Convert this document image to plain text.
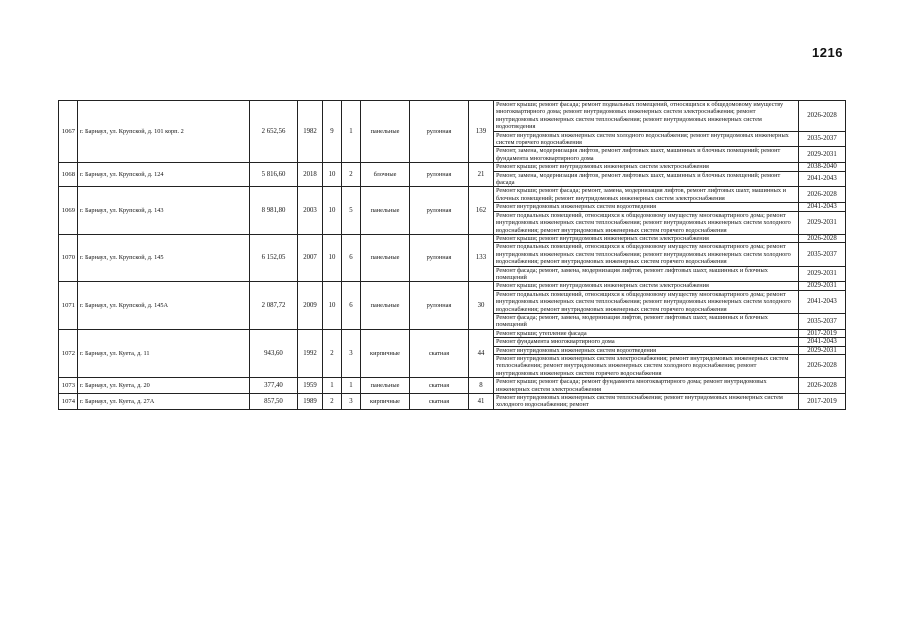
1216
1067	г. Барнаул, ул. Крупской, д. 101 корп. 2	2 652,56	1982	9	1	панельные	рулонная	139	Ремонт крыши; ремонт фасада; ремонт подвальных помещений, относящихся к общедомовому имуществу многоквартирного дома; ремонт внутридомовых инженерных систем электроснабжения; ремонт внутридомовых инженерных систем теплоснабжения; ремонт внутридомовых инженерных систем водоотведения	2026-2028
									Ремонт внутридомовых инженерных систем холодного водоснабжения; ремонт внутридомовых инженерных систем горячего водоснабжения	2035-2037
									Ремонт, замена, модернизация лифтов, ремонт лифтовых шахт, машинных и блочных помещений; ремонт фундамента многоквартирного дома	2029-2031
1068	г. Барнаул, ул. Крупской, д. 124	5 816,60	2018	10	2	блочные	рулонная	21	Ремонт крыши; ремонт внутридомовых инженерных систем электроснабжения	2038-2040
									Ремонт, замена, модернизация лифтов, ремонт лифтовых шахт, машинных и блочных помещений; ремонт фасада	2041-2043
1069	г. Барнаул, ул. Крупской, д. 143	8 981,80	2003	10	5	панельные	рулонная	162	Ремонт крыши; ремонт фасада; ремонт, замена, модернизация лифтов, ремонт лифтовых шахт, машинных и блочных помещений; ремонт внутридомовых инженерных систем электроснабжения	2026-2028
									Ремонт внутридомовых инженерных систем водоотведения	2041-2043
									Ремонт подвальных помещений, относящихся к общедомовому имуществу многоквартирного дома; ремонт внутридомовых инженерных систем теплоснабжения; ремонт внутридомовых инженерных систем холодного водоснабжения; ремонт внутридомовых инженерных систем горячего водоснабжения	2029-2031
1070	г. Барнаул, ул. Крупской, д. 145	6 152,05	2007	10	6	панельные	рулонная	133	Ремонт крыши; ремонт внутридомовых инженерных систем электроснабжения	2026-2028
									Ремонт подвальных помещений, относящихся к общедомовому имуществу многоквартирного дома; ремонт внутридомовых инженерных систем теплоснабжения; ремонт внутридомовых инженерных систем холодного водоснабжения; ремонт внутридомовых инженерных систем горячего водоснабжения	2035-2037
									Ремонт фасада; ремонт, замена, модернизация лифтов, ремонт лифтовых шахт, машинных и блочных помещений	2029-2031
1071	г. Барнаул, ул. Крупской, д. 145А	2 087,72	2009	10	6	панельные	рулонная	30	Ремонт крыши; ремонт внутридомовых инженерных систем электроснабжения	2029-2031
									Ремонт подвальных помещений, относящихся к общедомовому имуществу многоквартирного дома; ремонт внутридомовых инженерных систем теплоснабжения; ремонт внутридомовых инженерных систем холодного водоснабжения; ремонт внутридомовых инженерных систем горячего водоснабжения	2041-2043
									Ремонт фасада; ремонт, замена, модернизация лифтов, ремонт лифтовых шахт, машинных и блочных помещений	2035-2037
1072	г. Барнаул, ул. Куета, д. 11	943,60	1992	2	3	кирпичные	скатная	44	Ремонт крыши; утепление фасада	2017-2019
									Ремонт фундамента многоквартирного дома	2041-2043
									Ремонт внутридомовых инженерных систем водоотведения	2029-2031
									Ремонт внутридомовых инженерных систем электроснабжения; ремонт внутридомовых инженерных систем теплоснабжения; ремонт внутридомовых инженерных систем холодного водоснабжения; ремонт внутридомовых инженерных систем горячего водоснабжения	2026-2028
1073	г. Барнаул, ул. Куета, д. 20	377,40	1959	1	1	панельные	скатная	8	Ремонт крыши; ремонт фасада; ремонт фундамента многоквартирного дома; ремонт внутридомовых инженерных систем электроснабжения	2026-2028
1074	г. Барнаул, ул. Куета, д. 27А	857,50	1989	2	3	кирпичные	скатная	41	Ремонт внутридомовых инженерных систем теплоснабжения; ремонт внутридомовых инженерных систем холодного водоснабжения; ремонт	2017-2019
